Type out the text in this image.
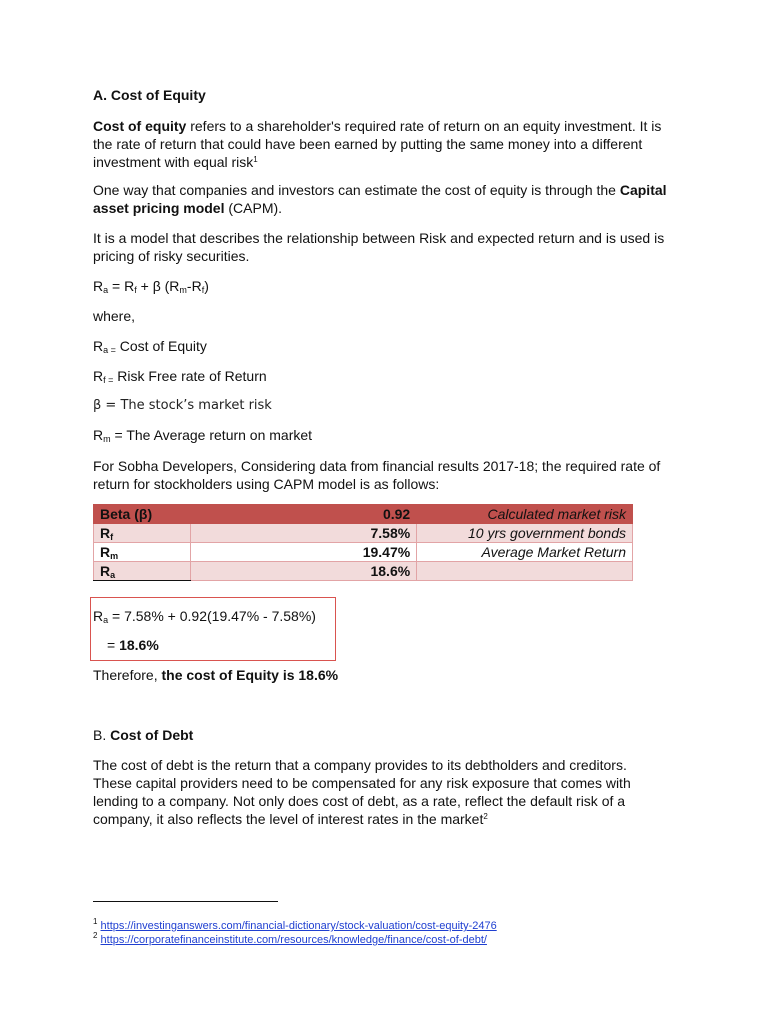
A. Cost of Equity

Cost of equity refers to a shareholder's required rate of return on an equity investment. It is
the rate of return that could have been earned by putting the same money into a different
investment with equal risk$^1$

One way that companies and investors can estimate the cost of equity is through the Capital
asset pricing model (CAPM).

It is a model that describes the relationship between Risk and expected return and is used is
pricing of risky securities.

$R_a = R_f + \beta$ $(R_m-R_f)$

where,

$R_{a =}$ Cost of Equity

$R_{f =}$ Risk Free rate of Return

β = The stock’s market risk

$R_m$ = The Average return on market

For Sobha Developers, Considering data from financial results 2017-18; the required rate of
return for stockholders using CAPM model is as follows:

Beta (β)	0.92	Calculated market risk
$R_f$	7.58%	10 yrs government bonds
$R_m$	19.47%	Average Market Return
$R_a$	18.6%	

$R_a = 7.58\% + 0.92(19.47\% - 7.58\%)$

= 18.6%

Therefore, the cost of Equity is 18.6%

B. Cost of Debt

The cost of debt is the return that a company provides to its debtholders and creditors.
These capital providers need to be compensated for any risk exposure that comes with
lending to a company. Not only does cost of debt, as a rate, reflect the default risk of a
company, it also reflects the level of interest rates in the market$^2$

$^1$ https://investinganswers.com/financial-dictionary/stock-valuation/cost-equity-2476

$^2$ https://corporatefinanceinstitute.com/resources/knowledge/finance/cost-of-debt/
